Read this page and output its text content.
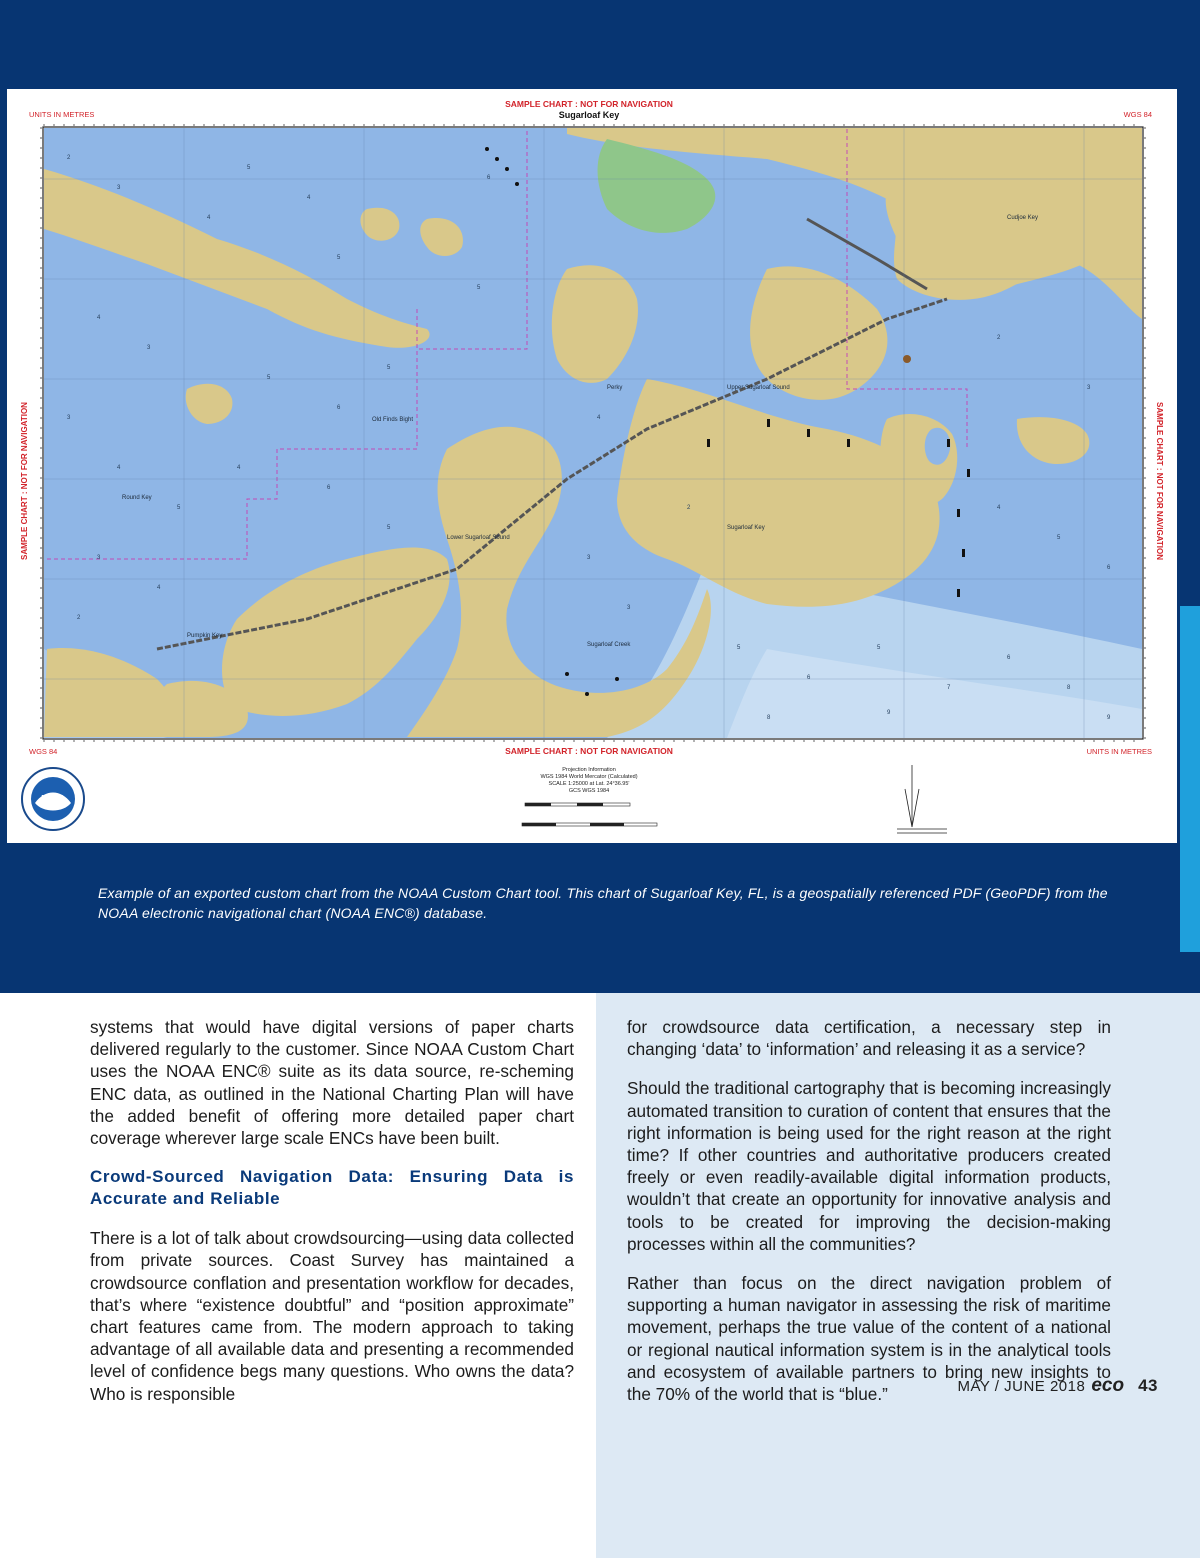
SAMPLE CHART : NOT FOR NAVIGATION
Sugarloaf Key
UNITS IN METRES	WGS 84
2
3
5
4
5
6
5
4
3
5
6
5
3
4
5
4
6
5
3
4
2
4
3
5
6
5
7
6
8
9
4
5
6
3
2
2
8
9
3
4
Upper Sugarloaf Sound
Lower Sugarloaf Sound
Sugarloaf Creek
Old Finds Bight
Round Key
Cudjoe Key
Perky
Pumpkin Key
Sugarloaf Key
SAMPLE CHART : NOT FOR NAVIGATION	SAMPLE CHART : NOT FOR NAVIGATION
WGS 84	SAMPLE CHART : NOT FOR NAVIGATION	UNITS IN METRES
Projection Information
WGS 1984 World Mercator (Calculated)
SCALE 1:25000 at Lat. 24°36.95'
GCS WGS 1984
NOAA
Example of an exported custom chart from the NOAA Custom Chart tool. This chart of Sugarloaf Key, FL, is a geospatially referenced PDF (GeoPDF) from the NOAA electronic navigational chart (NOAA ENC®) database.

systems that would have digital versions of paper charts delivered regularly to the customer. Since NOAA Custom Chart uses the NOAA ENC® suite as its data source, re-scheming ENC data, as outlined in the National Charting Plan will have the added benefit of offering more detailed paper chart coverage wherever large scale ENCs have been built.

Crowd-Sourced Navigation Data: Ensuring Data is Accurate and Reliable

There is a lot of talk about crowdsourcing—using data collected from private sources. Coast Survey has maintained a crowdsource conflation and presentation workflow for decades, that’s where “existence doubtful” and “position approximate” chart features came from. The modern approach to taking advantage of all available data and presenting a recommended level of confidence begs many questions. Who owns the data? Who is responsible

for crowdsource data certification, a necessary step in changing ‘data’ to ‘information’ and releasing it as a service?

Should the traditional cartography that is becoming increasingly automated transition to curation of content that ensures that the right information is being used for the right reason at the right time? If other countries and authoritative producers created freely or even readily-available digital information products, wouldn’t that create an opportunity for innovative analysis and tools to be created for improving the decision-making processes within all the communities?

Rather than focus on the direct navigation problem of supporting a human navigator in assessing the risk of maritime movement, perhaps the true value of the content of a national or regional nautical information system is in the analytical tools and ecosystem of available partners to bring new insights to the 70% of the world that is “blue.”	MAY / JUNE 2018 eco 43
